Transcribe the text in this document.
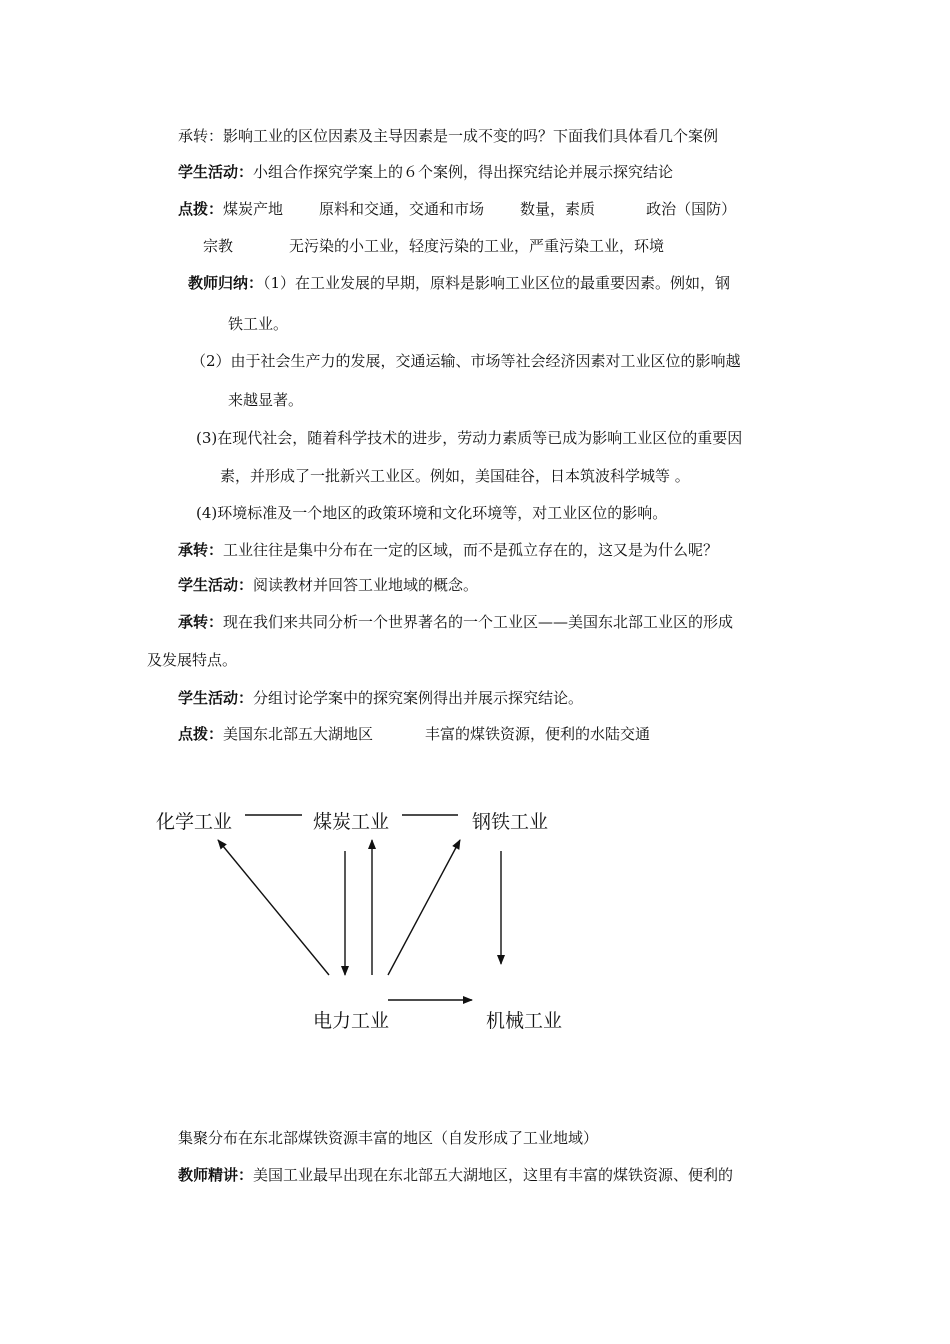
承转：影响工业的区位因素及主导因素是一成不变的吗？下面我们具体看几个案例
学生活动：小组合作探究学案上的６个案例，得出探究结论并展示探究结论
点拨：煤炭产地 原料和交通，交通和市场 数量，素质	政治（国防）
宗教	无污染的小工业，轻度污染的工业，严重污染工业，环境
教师归纳：（1）在工业发展的早期，原料是影响工业区位的最重要因素。例如，钢
铁工业。
（2）由于社会生产力的发展，交通运输、市场等社会经济因素对工业区位的影响越
来越显著。
(3)在现代社会，随着科学技术的进步，劳动力素质等已成为影响工业区位的重要因
素，并形成了一批新兴工业区。例如，美国硅谷，日本筑波科学城等 。
(4)环境标准及一个地区的政策环境和文化环境等，对工业区位的影响。
承转：工业往往是集中分布在一定的区域，而不是孤立存在的，这又是为什么呢？
学生活动：阅读教材并回答工业地域的概念。
承转：现在我们来共同分析一个世界著名的一个工业区——美国东北部工业区的形成
及发展特点。
学生活动：分组讨论学案中的探究案例得出并展示探究结论。
点拨：美国东北部五大湖地区	丰富的煤铁资源，便利的水陆交通
化学工业	煤炭工业	钢铁工业
电力工业	机械工业
集聚分布在东北部煤铁资源丰富的地区（自发形成了工业地域）
教师精讲：美国工业最早出现在东北部五大湖地区，这里有丰富的煤铁资源、便利的
